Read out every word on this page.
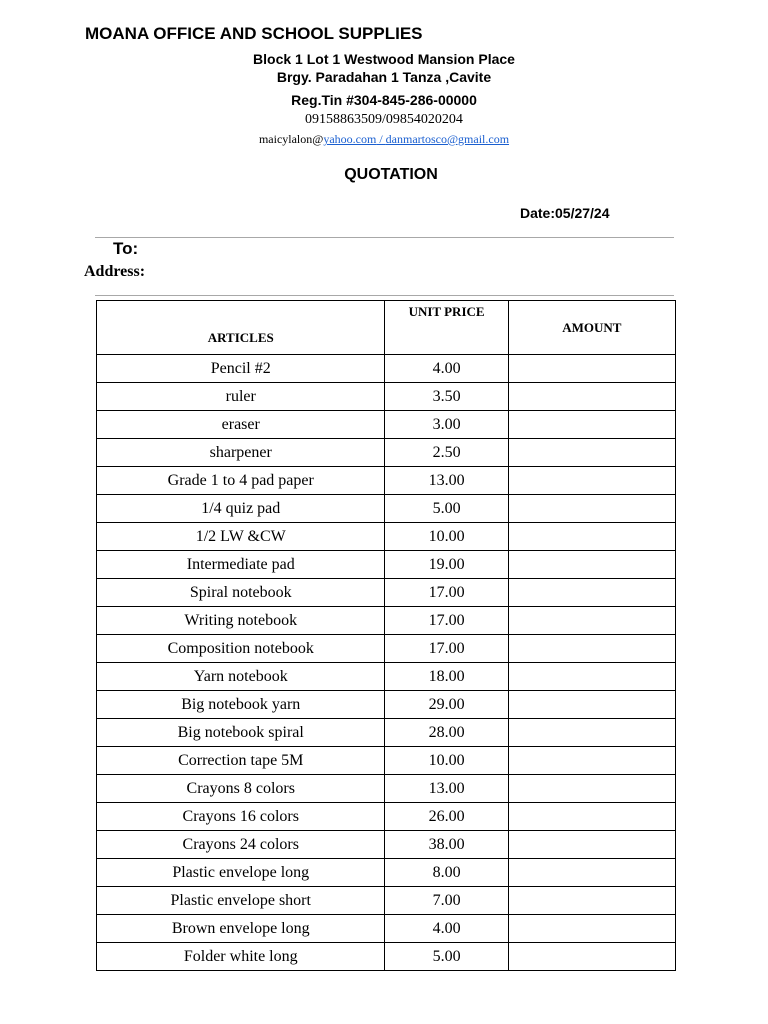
MOANA OFFICE AND SCHOOL SUPPLIES
Block 1 Lot 1 Westwood Mansion Place
Brgy. Paradahan 1 Tanza ,Cavite
Reg.Tin #304-845-286-00000
09158863509/09854020204
maicylalon@yahoo.com / danmartosco@gmail.com
QUOTATION
Date:05/27/24
To:
Address:
ARTICLES	UNIT PRICE	AMOUNT
Pencil #2	4.00	
ruler	3.50	
eraser	3.00	
sharpener	2.50	
Grade 1 to 4 pad paper	13.00	
1/4 quiz pad	5.00	
1/2 LW &CW	10.00	
Intermediate pad	19.00	
Spiral notebook	17.00	
Writing notebook	17.00	
Composition notebook	17.00	
Yarn notebook	18.00	
Big notebook yarn	29.00	
Big notebook spiral	28.00	
Correction tape 5M	10.00	
Crayons 8 colors	13.00	
Crayons 16 colors	26.00	
Crayons 24 colors	38.00	
Plastic envelope long	8.00	
Plastic envelope short	7.00	
Brown envelope long	4.00	
Folder white long	5.00	
